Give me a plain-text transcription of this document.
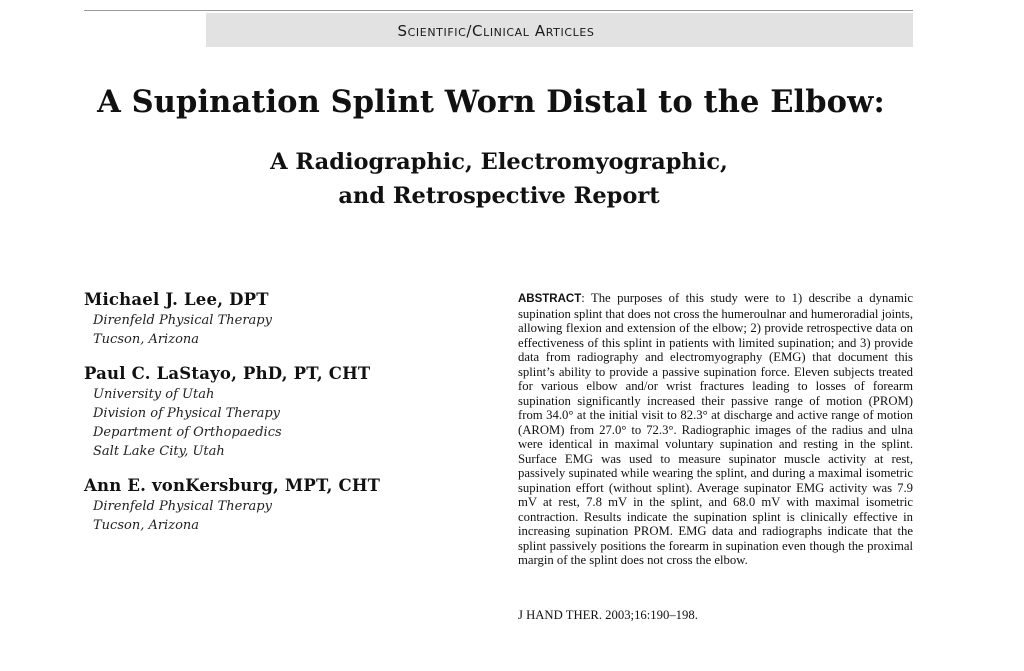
Scientific/Clinical Articles
A Supination Splint Worn Distal to the Elbow:
A Radiographic, Electromyographic,
and Retrospective Report
Michael J. Lee, DPT
Direnfeld Physical Therapy
Tucson, Arizona
Paul C. LaStayo, PhD, PT, CHT
University of Utah
Division of Physical Therapy
Department of Orthopaedics
Salt Lake City, Utah
Ann E. vonKersburg, MPT, CHT
Direnfeld Physical Therapy
Tucson, Arizona
ABSTRACT: The purposes of this study were to 1) describe a dynamic supination splint that does not cross the humeroulnar and humeroradial joints, allowing flexion and extension of the elbow; 2) provide retrospective data on effectiveness of this splint in patients with limited supination; and 3) provide data from radiography and electromyography (EMG) that document this splint’s ability to provide a passive supination force. Eleven subjects treated for various elbow and/or wrist fractures leading to losses of forearm supination significantly increased their passive range of motion (PROM) from 34.0° at the initial visit to 82.3° at discharge and active range of motion (AROM) from 27.0° to 72.3°. Radiographic images of the radius and ulna were identical in maximal voluntary supination and resting in the splint. Surface EMG was used to measure supinator muscle activity at rest, passively supinated while wearing the splint, and during a maximal isometric supination effort (without splint). Average supinator EMG activity was 7.9 mV at rest, 7.8 mV in the splint, and 68.0 mV with maximal isometric contraction. Results indicate the supination splint is clinically effective in increasing supination PROM. EMG data and radiographs indicate that the splint passively positions the forearm in supination even though the proximal margin of the splint does not cross the elbow.
J HAND THER. 2003;16:190–198.
